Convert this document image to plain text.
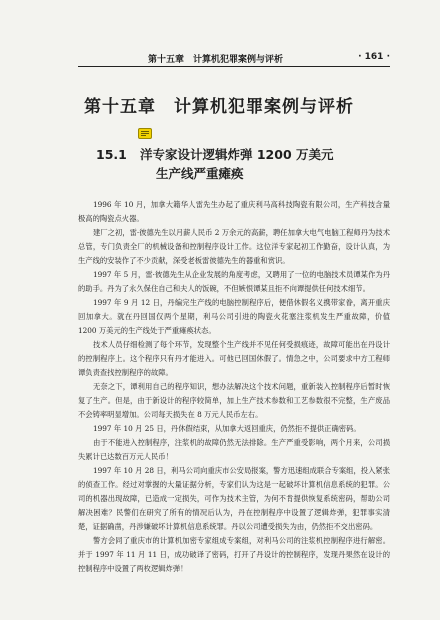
第十五章　计算机犯罪案例与评析	· 161 ·
第十五章　计算机犯罪案例与评析
15.1 洋专家设计逻辑炸弹 1200 万美元
生产线严重瘫痪

1996 年 10 月，加拿大籍华人雷先生办起了重庆利马高科技陶瓷有限公司，生产科技含量极高的陶瓷点火器。

建厂之初，雷·彼德先生以月薪人民币 2 万余元的高薪，聘任加拿大电气电脑工程师丹为技术总管，专门负责全厂的机械设备和控制程序设计工作。这位洋专家起初工作勤奋，设计认真，为生产线的安装作了不少贡献，深受老板雷彼德先生的器重和赏识。

1997 年 5 月，雷·彼德先生从企业发展的角度考虑，又聘用了一位的电脑技术员谭某作为丹的助手。丹为了永久保住自己和夫人的饭碗，不但嫉恨谭某且拒不向谭提供任何技术细节。

1997 年 9 月 12 日，丹编完生产线的电脑控制程序后，便借休假名义携带家眷，离开重庆回加拿大。就在丹回国仅两个星期，利马公司引进的陶瓷火花塞注浆机发生严重故障，价值 1200 万美元的生产线处于严重瘫痪状态。

技术人员仔细检测了每个环节，发现整个生产线并不见任何受损痕迹，故障可能出在丹设计的控制程序上。这个程序只有丹才能进入。可他已回国休假了。情急之中，公司要求中方工程师谭负责查找控制程序的故障。

无奈之下，谭利用自己的程序知识，想办法解决这个技术问题，重新装入控制程序后暂时恢复了生产。但是，由于新设计的程序较简单，加上生产技术参数和工艺参数很不完整，生产废品不会铸率明显增加。公司每天损失在 8 万元人民币左右。

1997 年 10 月 25 日，丹休假结束，从加拿大返回重庆，仍然拒不提供正确密码。

由于不能进入控制程序，注浆机的故障仍然无法排除。生产严重受影响，两个月来，公司损失累计已达数百万元人民币！

1997 年 10 月 28 日，利马公司向重庆市公安局报案，警方迅速组成联合专案组，投入紧张的侦查工作。经过对掌握的大量证据分析，专家们认为这是一起破坏计算机信息系统的犯罪。公司的机器出现故障，已造成一定损失，可作为技术主管，为何不肯提供恢复系统密码，帮助公司解决困难？民警们在研究了所有的情况后认为，丹在控制程序中设置了逻辑炸弹，犯罪事实清楚，证据确凿，丹涉嫌破坏计算机信息系统罪。丹以公司遭受损失为由，仍然拒不交出密码。

警方会同了重庆市的计算机加密专家组成专案组，对利马公司的注浆机控制程序进行解密。并于 1997 年 11 月 11 日，成功破译了密码，打开了丹设计的控制程序，发现丹果然在设计的控制程序中设置了两枚逻辑炸弹！
